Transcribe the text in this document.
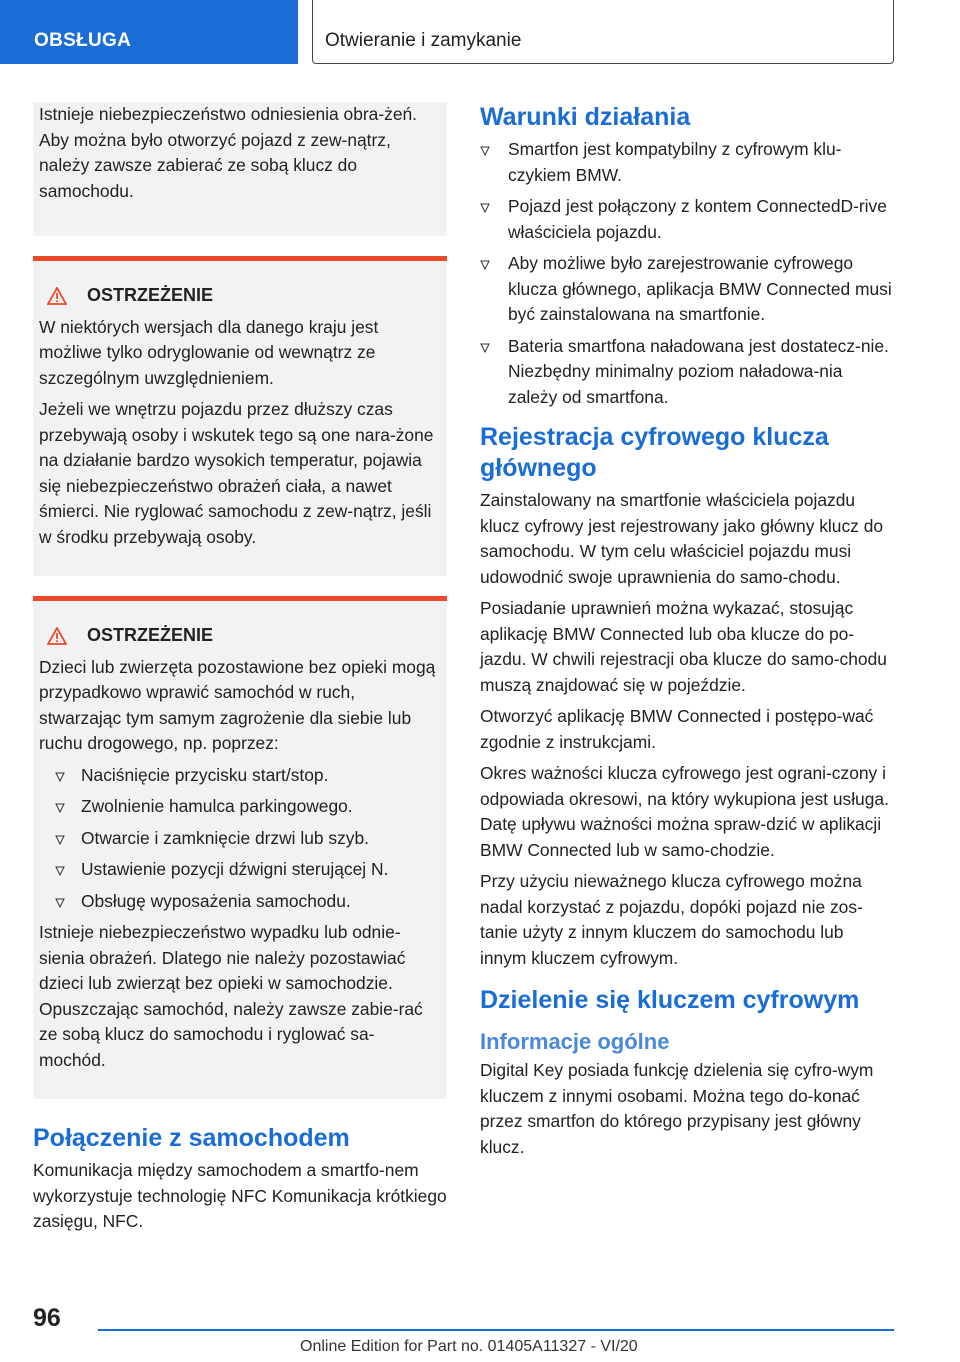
OBSŁUGA	Otwieranie i zamykanie

Istnieje niebezpieczeństwo odniesienia obra-żeń. Aby można było otworzyć pojazd z zew-nątrz, należy zawsze zabierać ze sobą klucz do samochodu.

OSTRZEŻENIE

W niektórych wersjach dla danego kraju jest możliwe tylko odryglowanie od wewnątrz ze szczególnym uwzględnieniem.

Jeżeli we wnętrzu pojazdu przez dłuższy czas przebywają osoby i wskutek tego są one nara-żone na działanie bardzo wysokich temperatur, pojawia się niebezpieczeństwo obrażeń ciała, a nawet śmierci. Nie ryglować samochodu z zew-nątrz, jeśli w środku przebywają osoby.

OSTRZEŻENIE

Dzieci lub zwierzęta pozostawione bez opieki mogą przypadkowo wprawić samochód w ruch, stwarzając tym samym zagrożenie dla siebie lub ruchu drogowego, np. poprzez:

Naciśnięcie przycisku start/stop.
Zwolnienie hamulca parkingowego.
Otwarcie i zamknięcie drzwi lub szyb.
Ustawienie pozycji dźwigni sterującej N.
Obsługę wyposażenia samochodu.

Istnieje niebezpieczeństwo wypadku lub odnie-sienia obrażeń. Dlatego nie należy pozostawiać dzieci lub zwierząt bez opieki w samochodzie. Opuszczając samochód, należy zawsze zabie-rać ze sobą klucz do samochodu i ryglować sa-mochód.

Połączenie z samochodem

Komunikacja między samochodem a smartfo-nem wykorzystuje technologię NFC Komunikacja krótkiego zasięgu, NFC.

Warunki działania
Smartfon jest kompatybilny z cyfrowym klu-czykiem BMW.
Pojazd jest połączony z kontem ConnectedD-rive właściciela pojazdu.
Aby możliwe było zarejestrowanie cyfrowego klucza głównego, aplikacja BMW Connected musi być zainstalowana na smartfonie.
Bateria smartfona naładowana jest dostatecz-nie. Niezbędny minimalny poziom naładowa-nia zależy od smartfona.
Rejestracja cyfrowego klucza głównego

Zainstalowany na smartfonie właściciela pojazdu klucz cyfrowy jest rejestrowany jako główny klucz do samochodu. W tym celu właściciel pojazdu musi udowodnić swoje uprawnienia do samo-chodu.

Posiadanie uprawnień można wykazać, stosując aplikację BMW Connected lub oba klucze do po-jazdu. W chwili rejestracji oba klucze do samo-chodu muszą znajdować się w pojeździe.

Otworzyć aplikację BMW Connected i postępo-wać zgodnie z instrukcjami.

Okres ważności klucza cyfrowego jest ograni-czony i odpowiada okresowi, na który wykupiona jest usługa. Datę upływu ważności można spraw-dzić w aplikacji BMW Connected lub w samo-chodzie.

Przy użyciu nieważnego klucza cyfrowego można nadal korzystać z pojazdu, dopóki pojazd nie zos-tanie użyty z innym kluczem do samochodu lub innym kluczem cyfrowym.

Dzielenie się kluczem cyfrowym
Informacje ogólne

Digital Key posiada funkcję dzielenia się cyfro-wym kluczem z innymi osobami. Można tego do-konać przez smartfon do którego przypisany jest główny klucz.

96
Online Edition for Part no. 01405A11327 - VI/20
